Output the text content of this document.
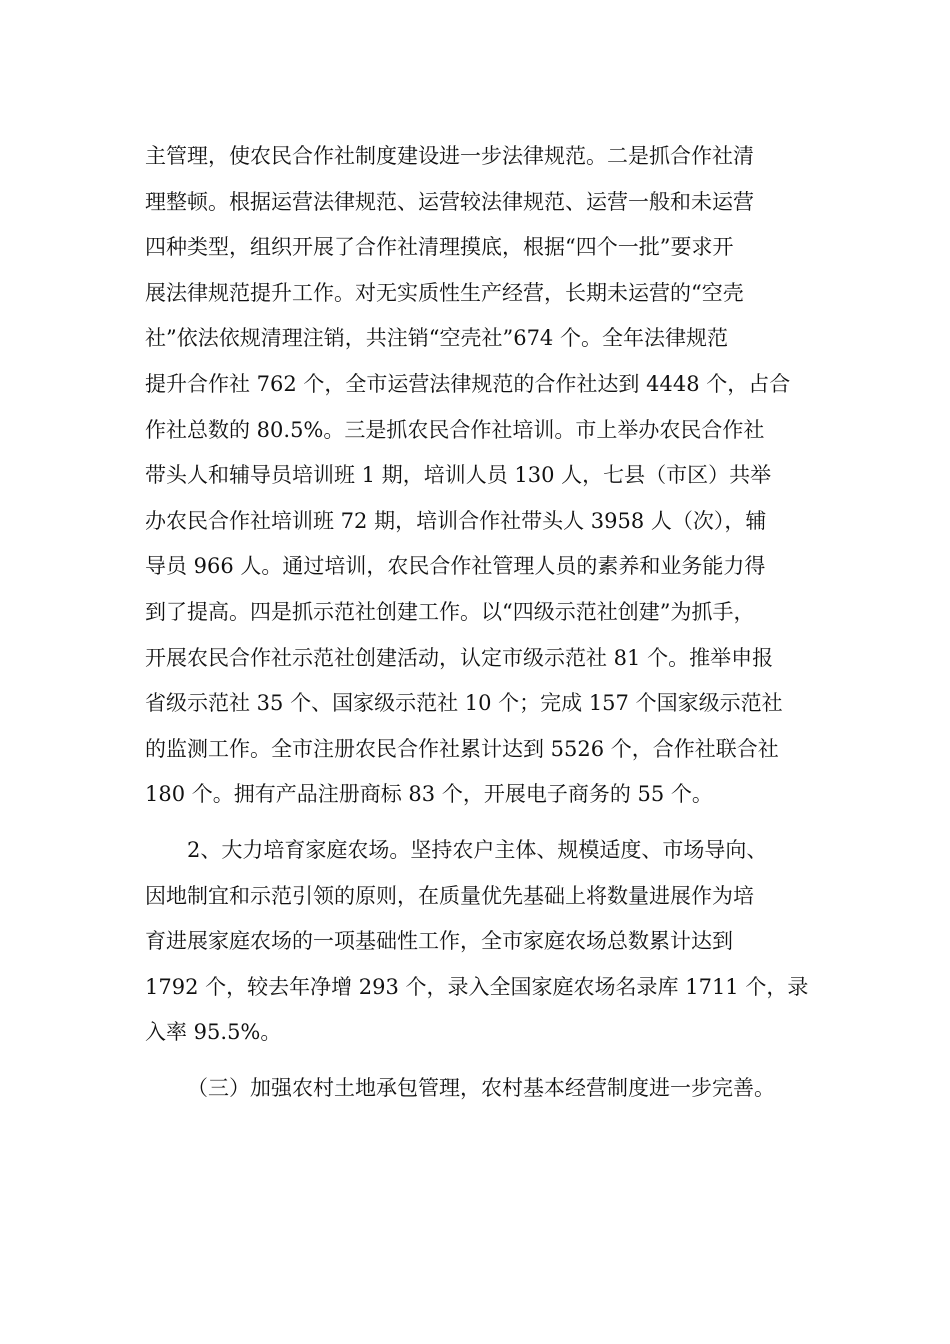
主管理，使农民合作社制度建设进一步法律规范。二是抓合作社清
理整顿。根据运营法律规范、运营较法律规范、运营一般和未运营
四种类型，组织开展了合作社清理摸底，根据“四个一批”要求开
展法律规范提升工作。对无实质性生产经营，长期未运营的“空壳
社”依法依规清理注销，共注销“空壳社”674 个。全年法律规范
提升合作社 762 个，全市运营法律规范的合作社达到 4448 个，占合
作社总数的 80.5%。三是抓农民合作社培训。市上举办农民合作社
带头人和辅导员培训班 1 期，培训人员 130 人，七县（市区）共举
办农民合作社培训班 72 期，培训合作社带头人 3958 人（次），辅
导员 966 人。通过培训，农民合作社管理人员的素养和业务能力得
到了提高。四是抓示范社创建工作。以“四级示范社创建”为抓手，
开展农民合作社示范社创建活动，认定市级示范社 81 个。推举申报
省级示范社 35 个、国家级示范社 10 个；完成 157 个国家级示范社
的监测工作。全市注册农民合作社累计达到 5526 个，合作社联合社
180 个。拥有产品注册商标 83 个，开展电子商务的 55 个。
2、大力培育家庭农场。坚持农户主体、规模适度、市场导向、
因地制宜和示范引领的原则，在质量优先基础上将数量进展作为培
育进展家庭农场的一项基础性工作，全市家庭农场总数累计达到
1792 个，较去年净增 293 个，录入全国家庭农场名录库 1711 个，录
入率 95.5%。
（三）加强农村土地承包管理，农村基本经营制度进一步完善。
